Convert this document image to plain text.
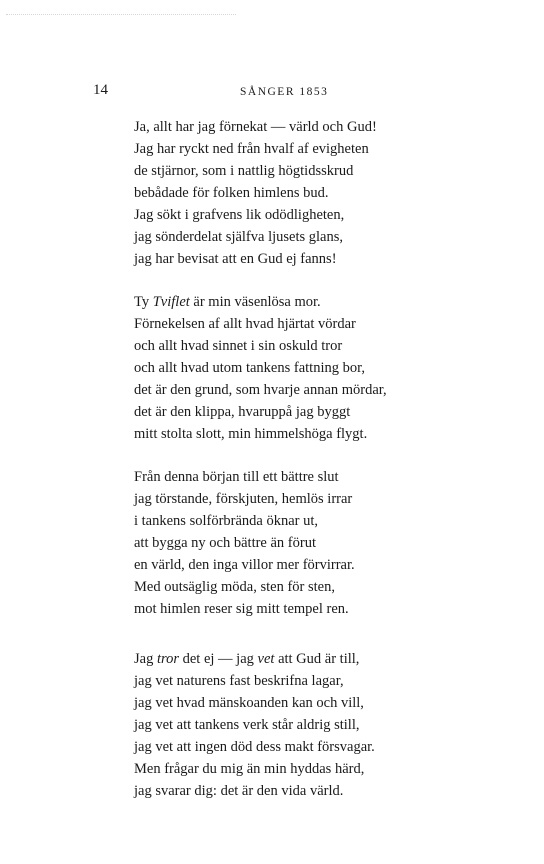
14	SÅNGER 1853
Ja, allt har jag förnekat — värld och Gud!
Jag har ryckt ned från hvalf af evigheten
de stjärnor, som i nattlig högtidsskrud
bebådade för folken himlens bud.
Jag sökt i grafvens lik odödligheten,
jag sönderdelat själfva ljusets glans,
jag har bevisat att en Gud ej fanns!
Ty Tviflet är min väsenlösa mor.
Förnekelsen af allt hvad hjärtat vördar
och allt hvad sinnet i sin oskuld tror
och allt hvad utom tankens fattning bor,
det är den grund, som hvarje annan mördar,
det är den klippa, hvaruppå jag byggt
mitt stolta slott, min himmelshöga flygt.
Från denna början till ett bättre slut
jag törstande, förskjuten, hemlös irrar
i tankens solförbrända öknar ut,
att bygga ny och bättre än förut
en värld, den inga villor mer förvirrar.
Med outsäglig möda, sten för sten,
mot himlen reser sig mitt tempel ren.
Jag tror det ej — jag vet att Gud är till,
jag vet naturens fast beskrifna lagar,
jag vet hvad mänskoanden kan och vill,
jag vet att tankens verk står aldrig still,
jag vet att ingen död dess makt försvagar.
Men frågar du mig än min hyddas härd,
jag svarar dig: det är den vida värld.
